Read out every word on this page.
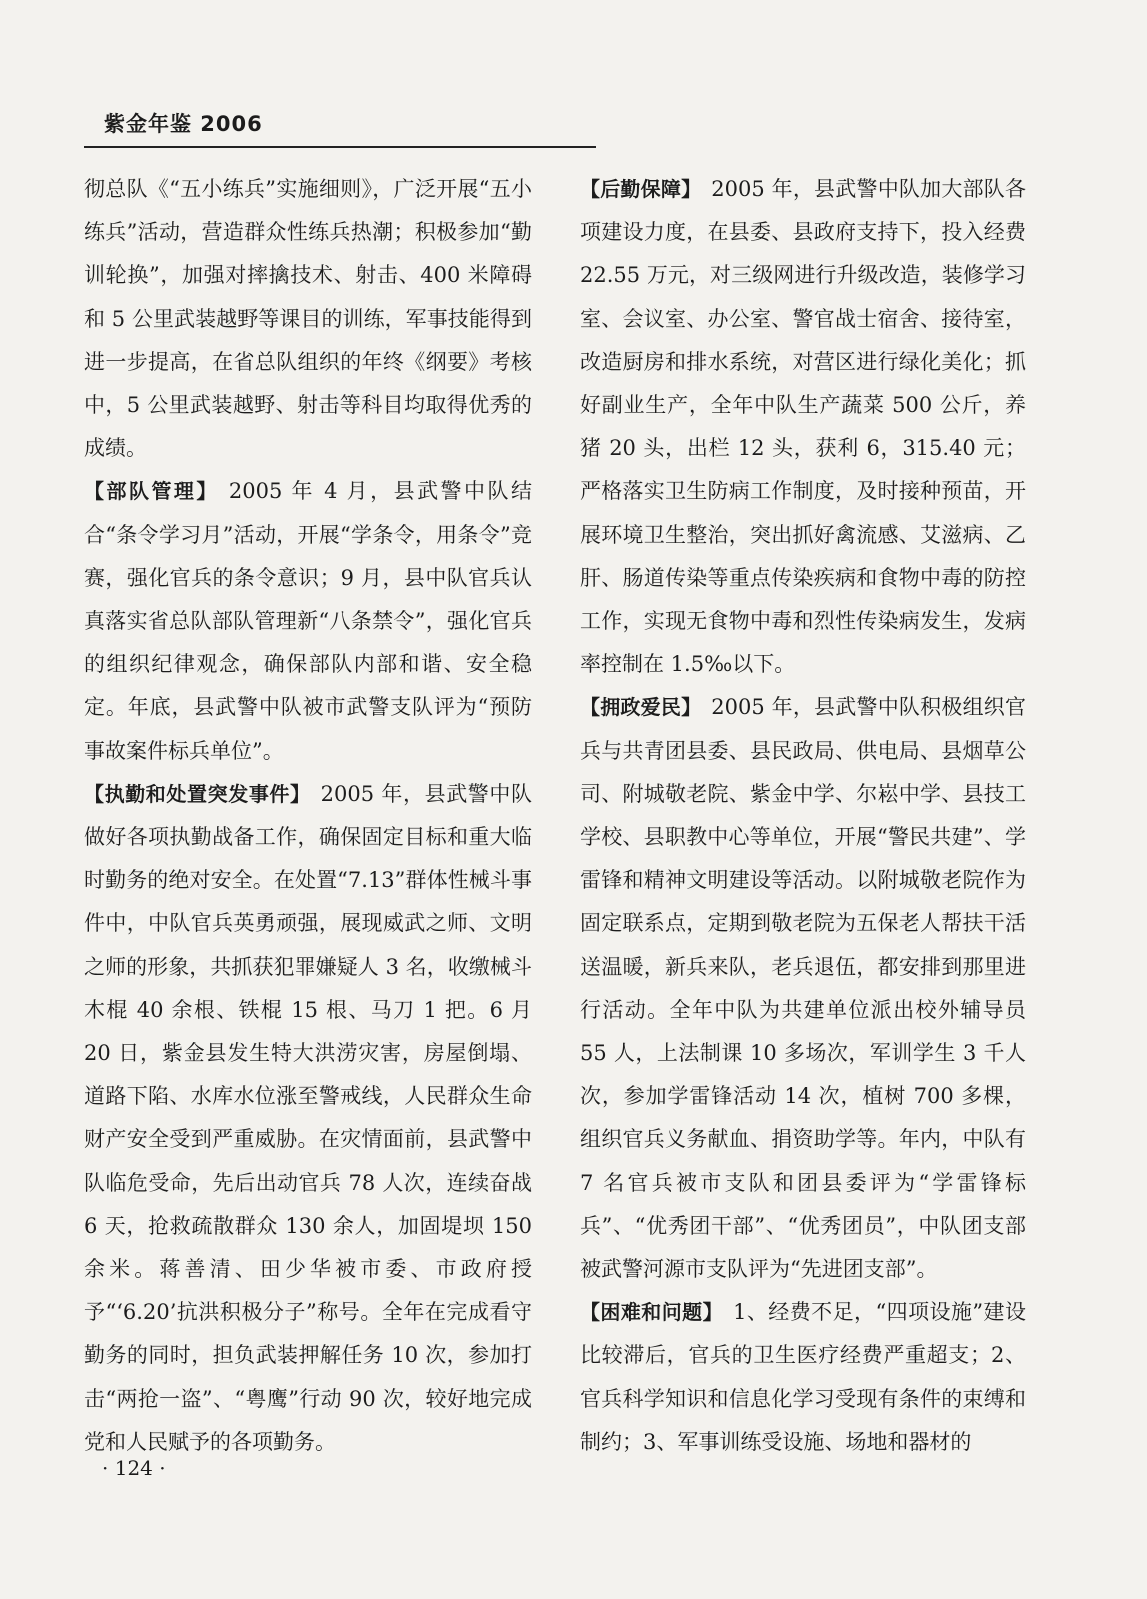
紫金年鉴 2006

彻总队《“五小练兵”实施细则》，广泛开展“五小练兵”活动，营造群众性练兵热潮；积极参加“勤训轮换”，加强对摔擒技术、射击、400 米障碍和 5 公里武装越野等课目的训练，军事技能得到进一步提高，在省总队组织的年终《纲要》考核中，5 公里武装越野、射击等科目均取得优秀的成绩。

【部队管理】 2005 年 4 月，县武警中队结合“条令学习月”活动，开展“学条令，用条令”竞赛，强化官兵的条令意识；9 月，县中队官兵认真落实省总队部队管理新“八条禁令”，强化官兵的组织纪律观念，确保部队内部和谐、安全稳定。年底，县武警中队被市武警支队评为“预防事故案件标兵单位”。

【执勤和处置突发事件】 2005 年，县武警中队做好各项执勤战备工作，确保固定目标和重大临时勤务的绝对安全。在处置“7.13”群体性械斗事件中，中队官兵英勇顽强，展现威武之师、文明之师的形象，共抓获犯罪嫌疑人 3 名，收缴械斗木棍 40 余根、铁棍 15 根、马刀 1 把。6 月 20 日，紫金县发生特大洪涝灾害，房屋倒塌、道路下陷、水库水位涨至警戒线，人民群众生命财产安全受到严重威胁。在灾情面前，县武警中队临危受命，先后出动官兵 78 人次，连续奋战 6 天，抢救疏散群众 130 余人，加固堤坝 150 余米。蒋善清、田少华被市委、市政府授予“‘6.20’抗洪积极分子”称号。全年在完成看守勤务的同时，担负武装押解任务 10 次，参加打击“两抢一盗”、“粤鹰”行动 90 次，较好地完成党和人民赋予的各项勤务。

【后勤保障】 2005 年，县武警中队加大部队各项建设力度，在县委、县政府支持下，投入经费 22.55 万元，对三级网进行升级改造，装修学习室、会议室、办公室、警官战士宿舍、接待室，改造厨房和排水系统，对营区进行绿化美化；抓好副业生产，全年中队生产蔬菜 500 公斤，养猪 20 头，出栏 12 头，获利 6，315.40 元；严格落实卫生防病工作制度，及时接种预苗，开展环境卫生整治，突出抓好禽流感、艾滋病、乙肝、肠道传染等重点传染疾病和食物中毒的防控工作，实现无食物中毒和烈性传染病发生，发病率控制在 1.5‰以下。

【拥政爱民】 2005 年，县武警中队积极组织官兵与共青团县委、县民政局、供电局、县烟草公司、附城敬老院、紫金中学、尔崧中学、县技工学校、县职教中心等单位，开展“警民共建”、学雷锋和精神文明建设等活动。以附城敬老院作为固定联系点，定期到敬老院为五保老人帮扶干活送温暖，新兵来队，老兵退伍，都安排到那里进行活动。全年中队为共建单位派出校外辅导员 55 人，上法制课 10 多场次，军训学生 3 千人次，参加学雷锋活动 14 次，植树 700 多棵，组织官兵义务献血、捐资助学等。年内，中队有 7 名官兵被市支队和团县委评为“学雷锋标兵”、“优秀团干部”、“优秀团员”，中队团支部被武警河源市支队评为“先进团支部”。

【困难和问题】 1、经费不足，“四项设施”建设比较滞后，官兵的卫生医疗经费严重超支；2、官兵科学知识和信息化学习受现有条件的束缚和制约；3、军事训练受设施、场地和器材的

· 124 ·
